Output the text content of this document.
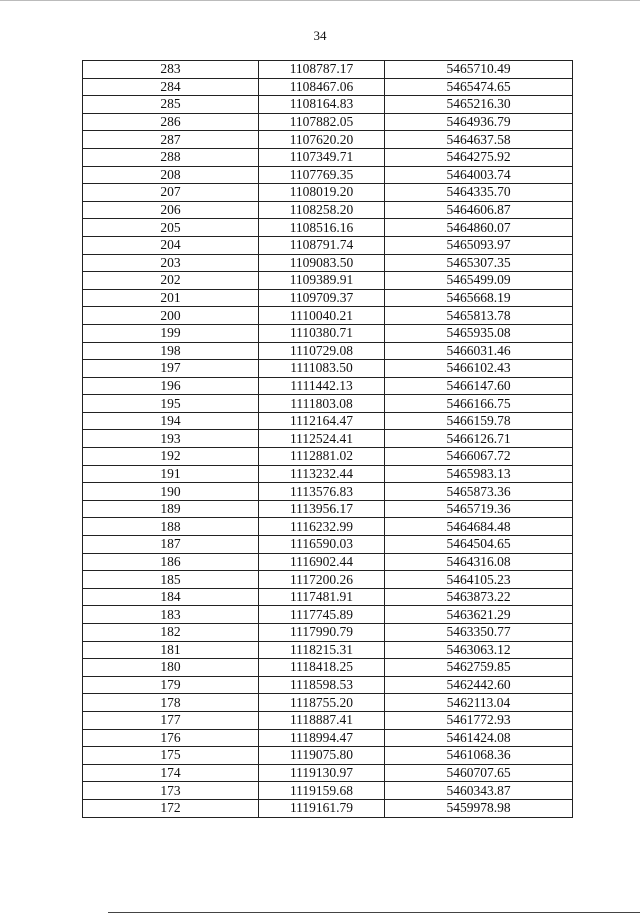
34
283	1108787.17	5465710.49
284	1108467.06	5465474.65
285	1108164.83	5465216.30
286	1107882.05	5464936.79
287	1107620.20	5464637.58
288	1107349.71	5464275.92
208	1107769.35	5464003.74
207	1108019.20	5464335.70
206	1108258.20	5464606.87
205	1108516.16	5464860.07
204	1108791.74	5465093.97
203	1109083.50	5465307.35
202	1109389.91	5465499.09
201	1109709.37	5465668.19
200	1110040.21	5465813.78
199	1110380.71	5465935.08
198	1110729.08	5466031.46
197	1111083.50	5466102.43
196	1111442.13	5466147.60
195	1111803.08	5466166.75
194	1112164.47	5466159.78
193	1112524.41	5466126.71
192	1112881.02	5466067.72
191	1113232.44	5465983.13
190	1113576.83	5465873.36
189	1113956.17	5465719.36
188	1116232.99	5464684.48
187	1116590.03	5464504.65
186	1116902.44	5464316.08
185	1117200.26	5464105.23
184	1117481.91	5463873.22
183	1117745.89	5463621.29
182	1117990.79	5463350.77
181	1118215.31	5463063.12
180	1118418.25	5462759.85
179	1118598.53	5462442.60
178	1118755.20	5462113.04
177	1118887.41	5461772.93
176	1118994.47	5461424.08
175	1119075.80	5461068.36
174	1119130.97	5460707.65
173	1119159.68	5460343.87
172	1119161.79	5459978.98
